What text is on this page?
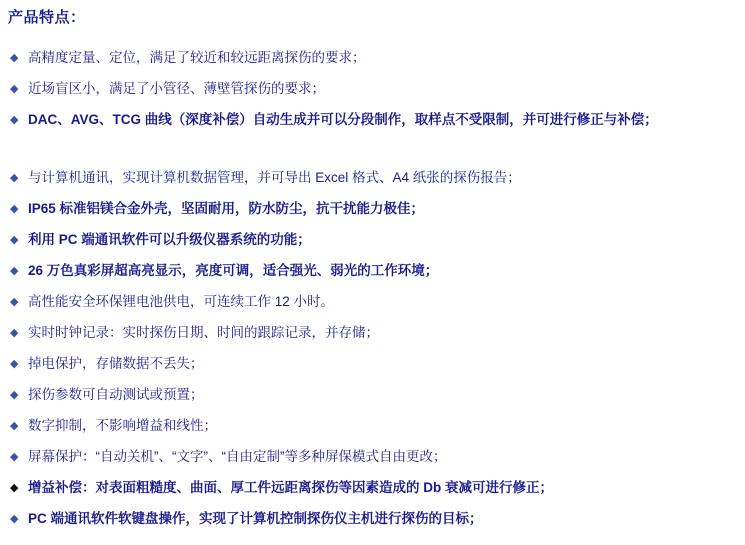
产品特点：
◆ 高精度定量、定位，满足了较近和较远距离探伤的要求；
◆ 近场盲区小，满足了小管径、薄壁管探伤的要求；
◆ DAC、AVG、TCG 曲线（深度补偿）自动生成并可以分段制作，取样点不受限制，并可进行修正与补偿；
◆ 与计算机通讯，实现计算机数据管理，并可导出 Excel 格式、A4 纸张的探伤报告；
◆ IP65 标准铝镁合金外壳，坚固耐用，防水防尘，抗干扰能力极佳；
◆ 利用 PC 端通讯软件可以升级仪器系统的功能；
◆ 26 万色真彩屏超高亮显示，亮度可调，适合强光、弱光的工作环境；
◆ 高性能安全环保锂电池供电，可连续工作 12 小时。
◆ 实时时钟记录：实时探伤日期、时间的跟踪记录，并存储；
◆ 掉电保护，存储数据不丢失；
◆ 探伤参数可自动测试或预置；
◆ 数字抑制，不影响增益和线性；
◆ 屏幕保护：“自动关机”、“文字”、“自由定制”等多种屏保模式自由更改；
◆ 增益补偿：对表面粗糙度、曲面、厚工件远距离探伤等因素造成的 Db 衰减可进行修正；
◆ PC 端通讯软件软键盘操作，实现了计算机控制探伤仪主机进行探伤的目标；
